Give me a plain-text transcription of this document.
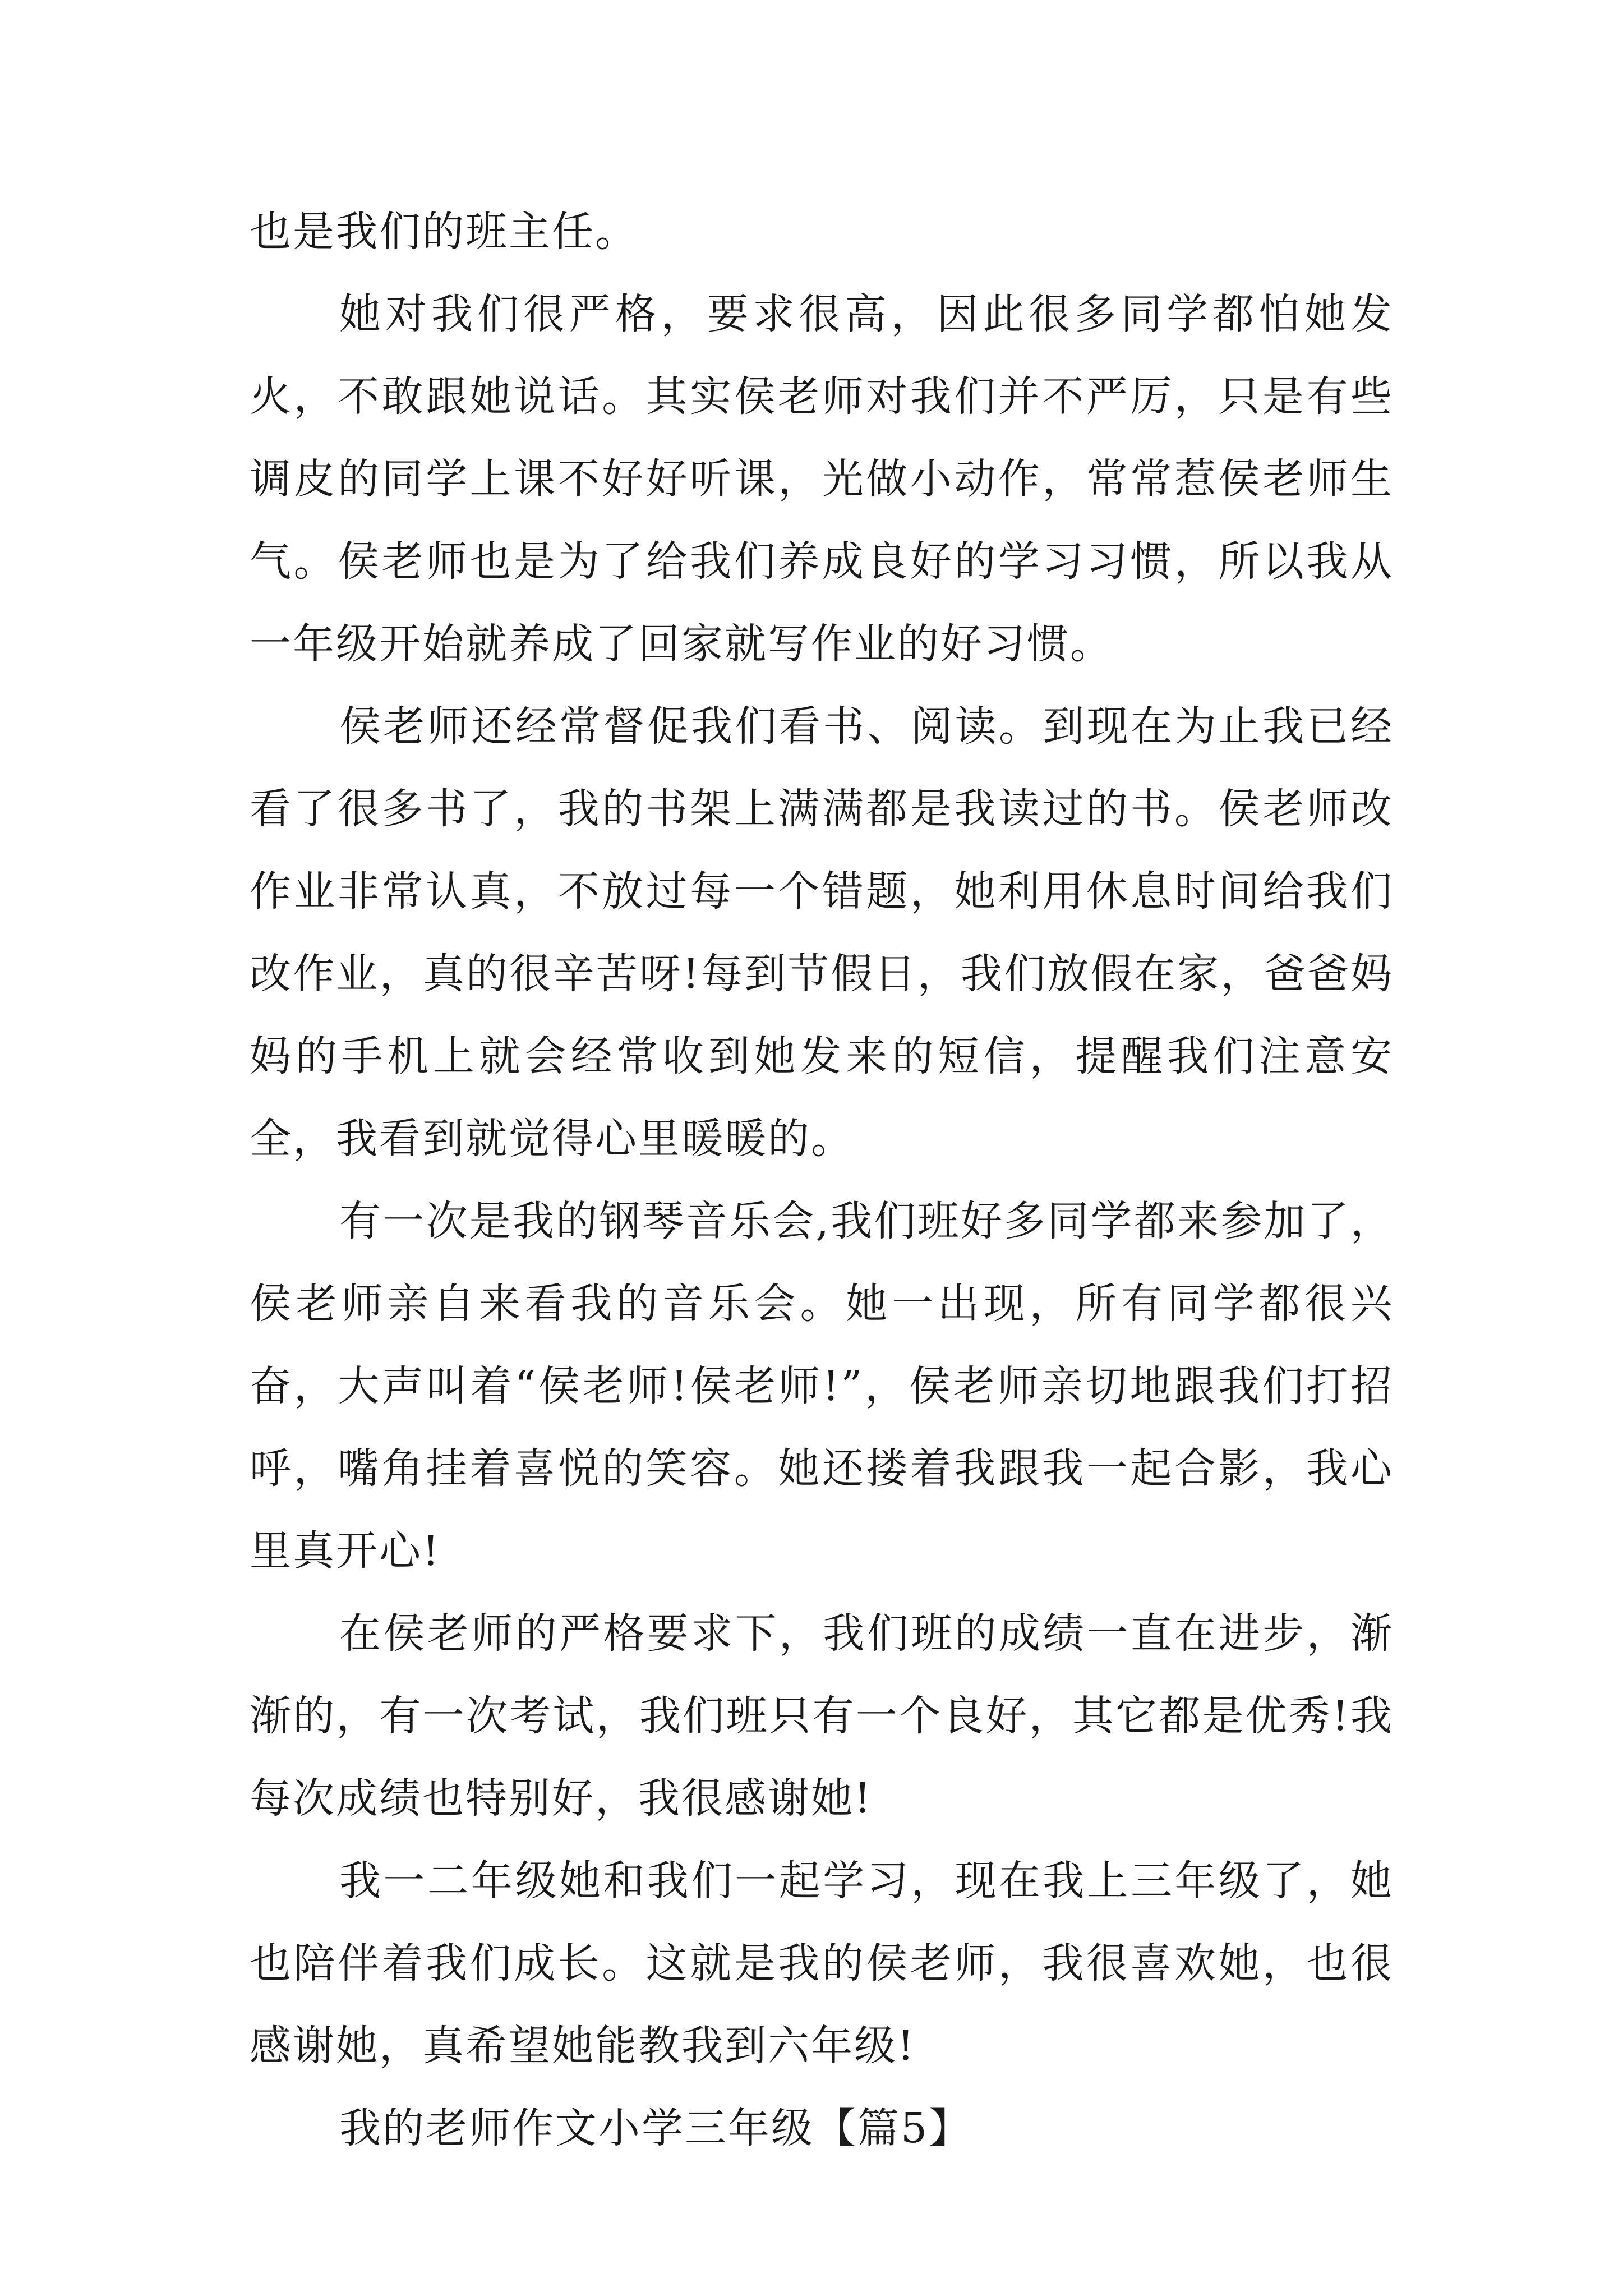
也是我们的班主任。

她对我们很严格，要求很高，因此很多同学都怕她发火，不敢跟她说话。其实侯老师对我们并不严厉，只是有些调皮的同学上课不好好听课，光做小动作，常常惹侯老师生气。侯老师也是为了给我们养成良好的学习习惯，所以我从一年级开始就养成了回家就写作业的好习惯。

侯老师还经常督促我们看书、阅读。到现在为止我已经看了很多书了，我的书架上满满都是我读过的书。侯老师改作业非常认真，不放过每一个错题，她利用休息时间给我们改作业，真的很辛苦呀!每到节假日，我们放假在家，爸爸妈妈的手机上就会经常收到她发来的短信，提醒我们注意安全，我看到就觉得心里暖暖的。

有一次是我的钢琴音乐会,我们班好多同学都来参加了，侯老师亲自来看我的音乐会。她一出现，所有同学都很兴奋，大声叫着“侯老师!侯老师!”，侯老师亲切地跟我们打招呼，嘴角挂着喜悦的笑容。她还搂着我跟我一起合影，我心里真开心!

在侯老师的严格要求下，我们班的成绩一直在进步，渐渐的，有一次考试，我们班只有一个良好，其它都是优秀!我每次成绩也特别好，我很感谢她!

我一二年级她和我们一起学习，现在我上三年级了，她也陪伴着我们成长。这就是我的侯老师，我很喜欢她，也很感谢她，真希望她能教我到六年级!

我的老师作文小学三年级【篇5】
